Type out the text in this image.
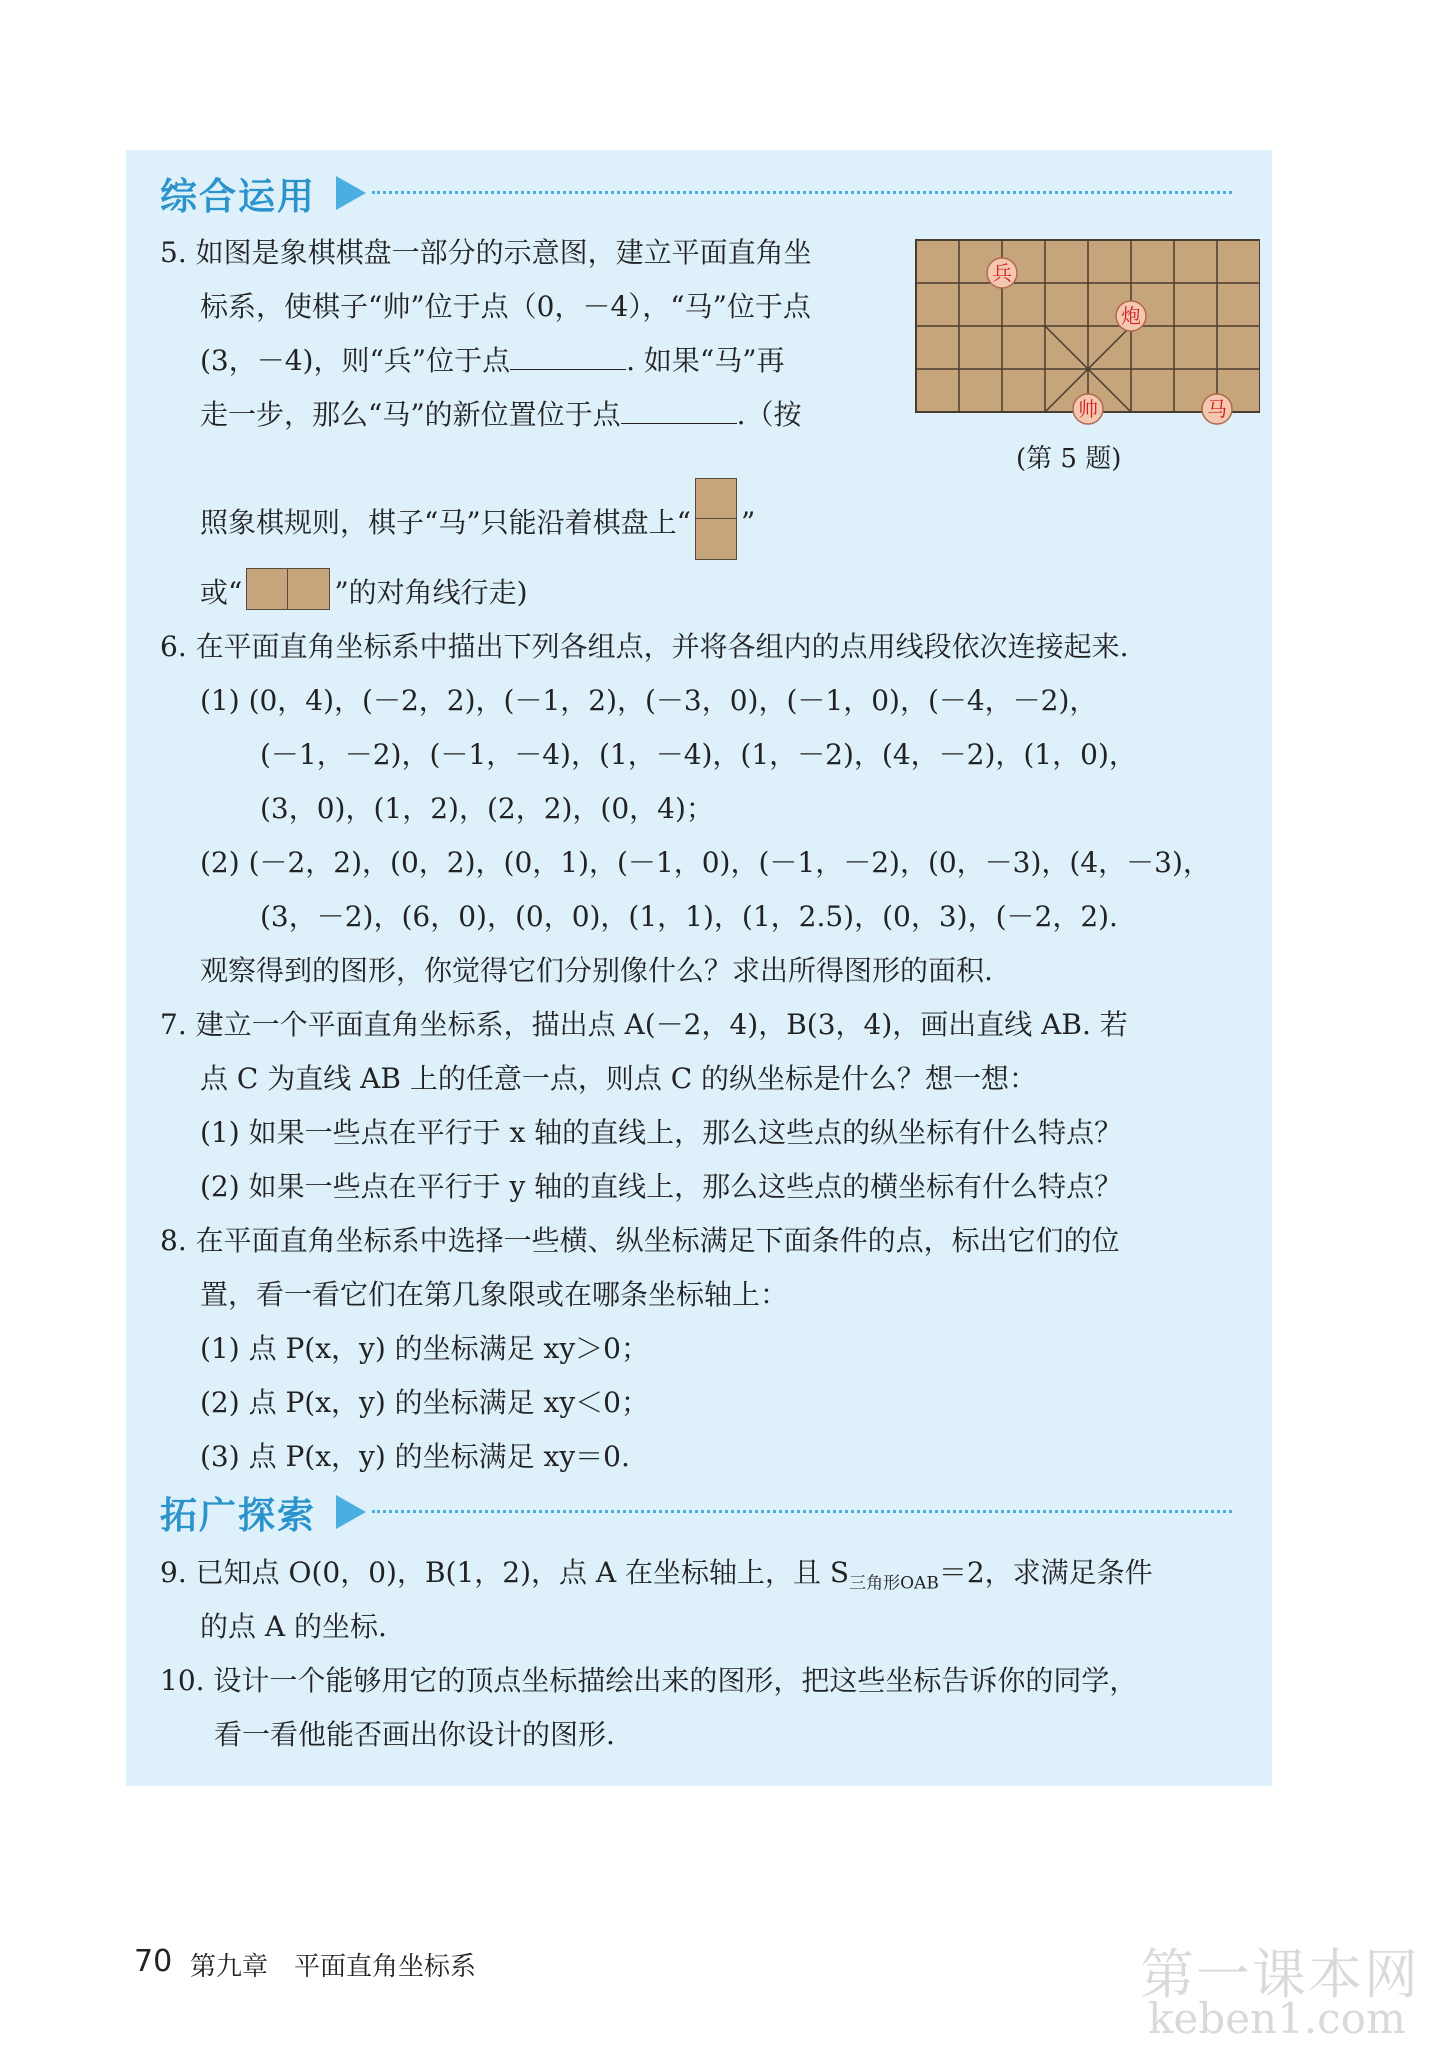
综合运用
5. 如图是象棋棋盘一部分的示意图，建立平面直角坐
标系，使棋子“帅”位于点（0，－4），“马”位于点
(3，－4)，则“兵”位于点	. 如果“马”再
走一步，那么“马”的新位置位于点	.（按
照象棋规则，棋子“马”只能沿着棋盘上“ ”
或“	”的对角线行走)
兵
炮
帅	马
(第 5 题)
6. 在平面直角坐标系中描出下列各组点，并将各组内的点用线段依次连接起来.
(1) (0，4)，(－2，2)，(－1，2)，(－3，0)，(－1，0)，(－4，－2)，
(－1，－2)，(－1，－4)，(1，－4)，(1，－2)，(4，－2)，(1，0)，
(3，0)，(1，2)，(2，2)，(0，4)；
(2) (－2，2)，(0，2)，(0，1)，(－1，0)，(－1，－2)，(0，－3)，(4，－3)，
(3，－2)，(6，0)，(0，0)，(1，1)，(1，2.5)，(0，3)，(－2，2).
观察得到的图形，你觉得它们分别像什么？求出所得图形的面积.
7. 建立一个平面直角坐标系，描出点 A(－2，4)，B(3，4)，画出直线 AB. 若
点 C 为直线 AB 上的任意一点，则点 C 的纵坐标是什么？想一想：
(1) 如果一些点在平行于 x 轴的直线上，那么这些点的纵坐标有什么特点？
(2) 如果一些点在平行于 y 轴的直线上，那么这些点的横坐标有什么特点？
8. 在平面直角坐标系中选择一些横、纵坐标满足下面条件的点，标出它们的位
置，看一看它们在第几象限或在哪条坐标轴上：
(1) 点 P(x，y) 的坐标满足 xy＞0；
(2) 点 P(x，y) 的坐标满足 xy＜0；
(3) 点 P(x，y) 的坐标满足 xy＝0.
拓广探索
9. 已知点 O(0，0)，B(1，2)，点 A 在坐标轴上，且 $S_{三角形OAB}=2$，求满足条件
的点 A 的坐标.
10. 设计一个能够用它的顶点坐标描绘出来的图形，把这些坐标告诉你的同学，
看一看他能否画出你设计的图形.
70 第九章　平面直角坐标系	第一课本网
keben1.com
